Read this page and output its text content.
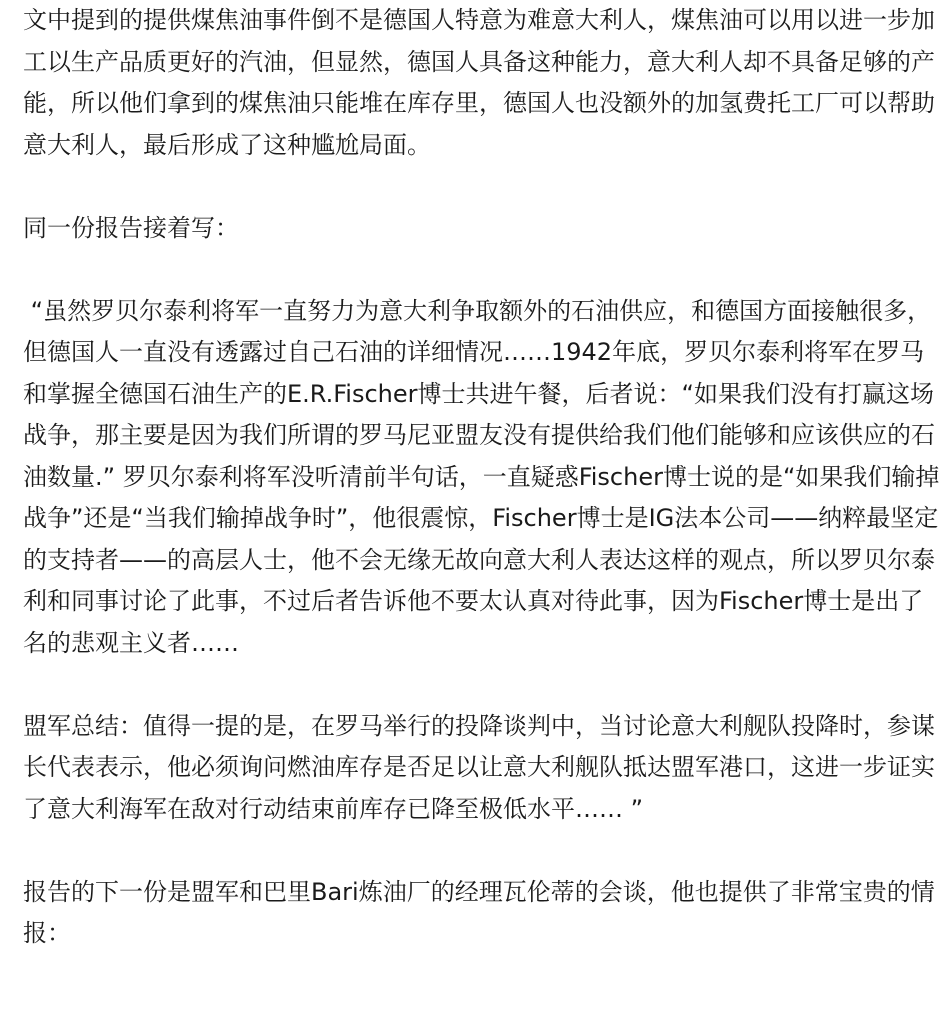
文中提到的提供煤焦油事件倒不是德国人特意为难意大利人，煤焦油可以用以进一步加工以生产品质更好的汽油，但显然，德国人具备这种能力，意大利人却不具备足够的产能，所以他们拿到的煤焦油只能堆在库存里，德国人也没额外的加氢费托工厂可以帮助意大利人，最后形成了这种尴尬局面。

同一份报告接着写：

“虽然罗贝尔泰利将军一直努力为意大利争取额外的石油供应，和德国方面接触很多，但德国人一直没有透露过自己石油的详细情况……1942年底，罗贝尔泰利将军在罗马和掌握全德国石油生产的E.R.Fischer博士共进午餐，后者说：“如果我们没有打赢这场战争，那主要是因为我们所谓的罗马尼亚盟友没有提供给我们他们能够和应该供应的石油数量.” 罗贝尔泰利将军没听清前半句话，一直疑惑Fischer博士说的是“如果我们输掉战争”还是“当我们输掉战争时”，他很震惊，Fischer博士是IG法本公司——纳粹最坚定的支持者——的高层人士，他不会无缘无故向意大利人表达这样的观点，所以罗贝尔泰利和同事讨论了此事，不过后者告诉他不要太认真对待此事，因为Fischer博士是出了名的悲观主义者……

盟军总结：值得一提的是，在罗马举行的投降谈判中，当讨论意大利舰队投降时，参谋长代表表示，他必须询问燃油库存是否足以让意大利舰队抵达盟军港口，这进一步证实了意大利海军在敌对行动结束前库存已降至极低水平…… ”

报告的下一份是盟军和巴里Bari炼油厂的经理瓦伦蒂的会谈，他也提供了非常宝贵的情报：
